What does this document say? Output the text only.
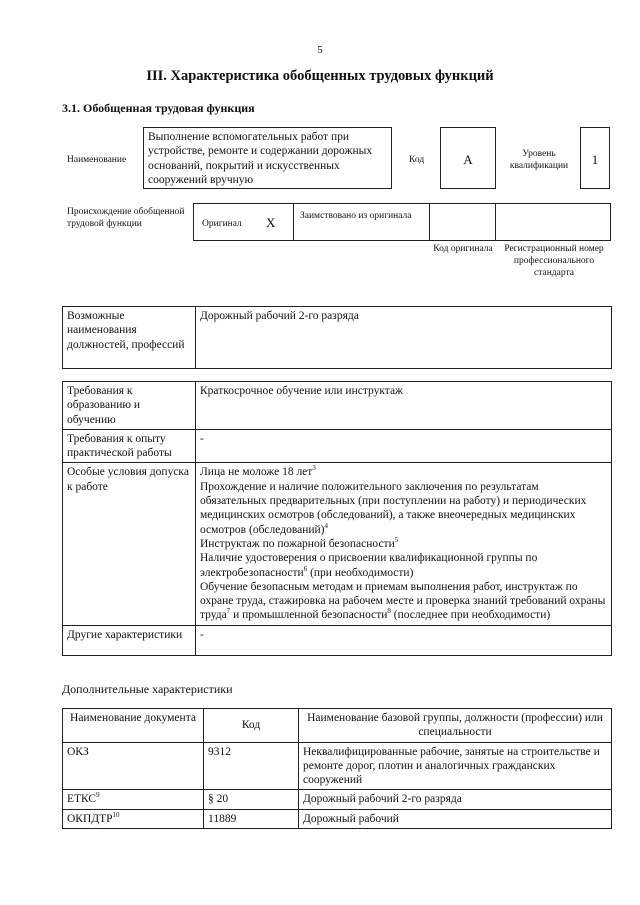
5
III. Характеристика обобщенных трудовых функций
3.1. Обобщенная трудовая функция
Наименование
Выполнение вспомогательных работ при устройстве, ремонте и содержании дорожных оснований, покрытий и искусственных сооружений вручную
Код	А	Уровень квалификации	1
Происхождение обобщенной трудовой функции	Оригинал X	Заимствовано из оригинала
Код оригинала	Регистрационный номер профессионального стандарта
Возможные наименования должностей, профессий	Дорожный рабочий 2-го разряда
Требования к образованию и обучению	Краткосрочное обучение или инструктаж
Требования к опыту практической работы	-
Особые условия допуска к работе	Лица не моложе 18 лет$^3$
Прохождение и наличие положительного заключения по результатам обязательных предварительных (при поступлении на работу) и периодических медицинских осмотров (обследований), а также внеочередных медицинских осмотров (обследований)$^4$
Инструктаж по пожарной безопасности$^5$
Наличие удостоверения о присвоении квалификационной группы по электробезопасности$^6$ (при необходимости)
Обучение безопасным методам и приемам выполнения работ, инструктаж по охране труда, стажировка на рабочем месте и проверка знаний требований охраны труда$^7$ и промышленной безопасности$^8$ (последнее при необходимости)

Другие характеристики	-
Дополнительные характеристики
Наименование документа	Код	Наименование базовой группы, должности (профессии) или специальности
ОКЗ	9312	Неквалифицированные рабочие, занятые на строительстве и ремонте дорог, плотин и аналогичных гражданских сооружений
ЕТКС$^9$	§ 20	Дорожный рабочий 2-го разряда
ОКПДТР$^{10}$	11889	Дорожный рабочий
